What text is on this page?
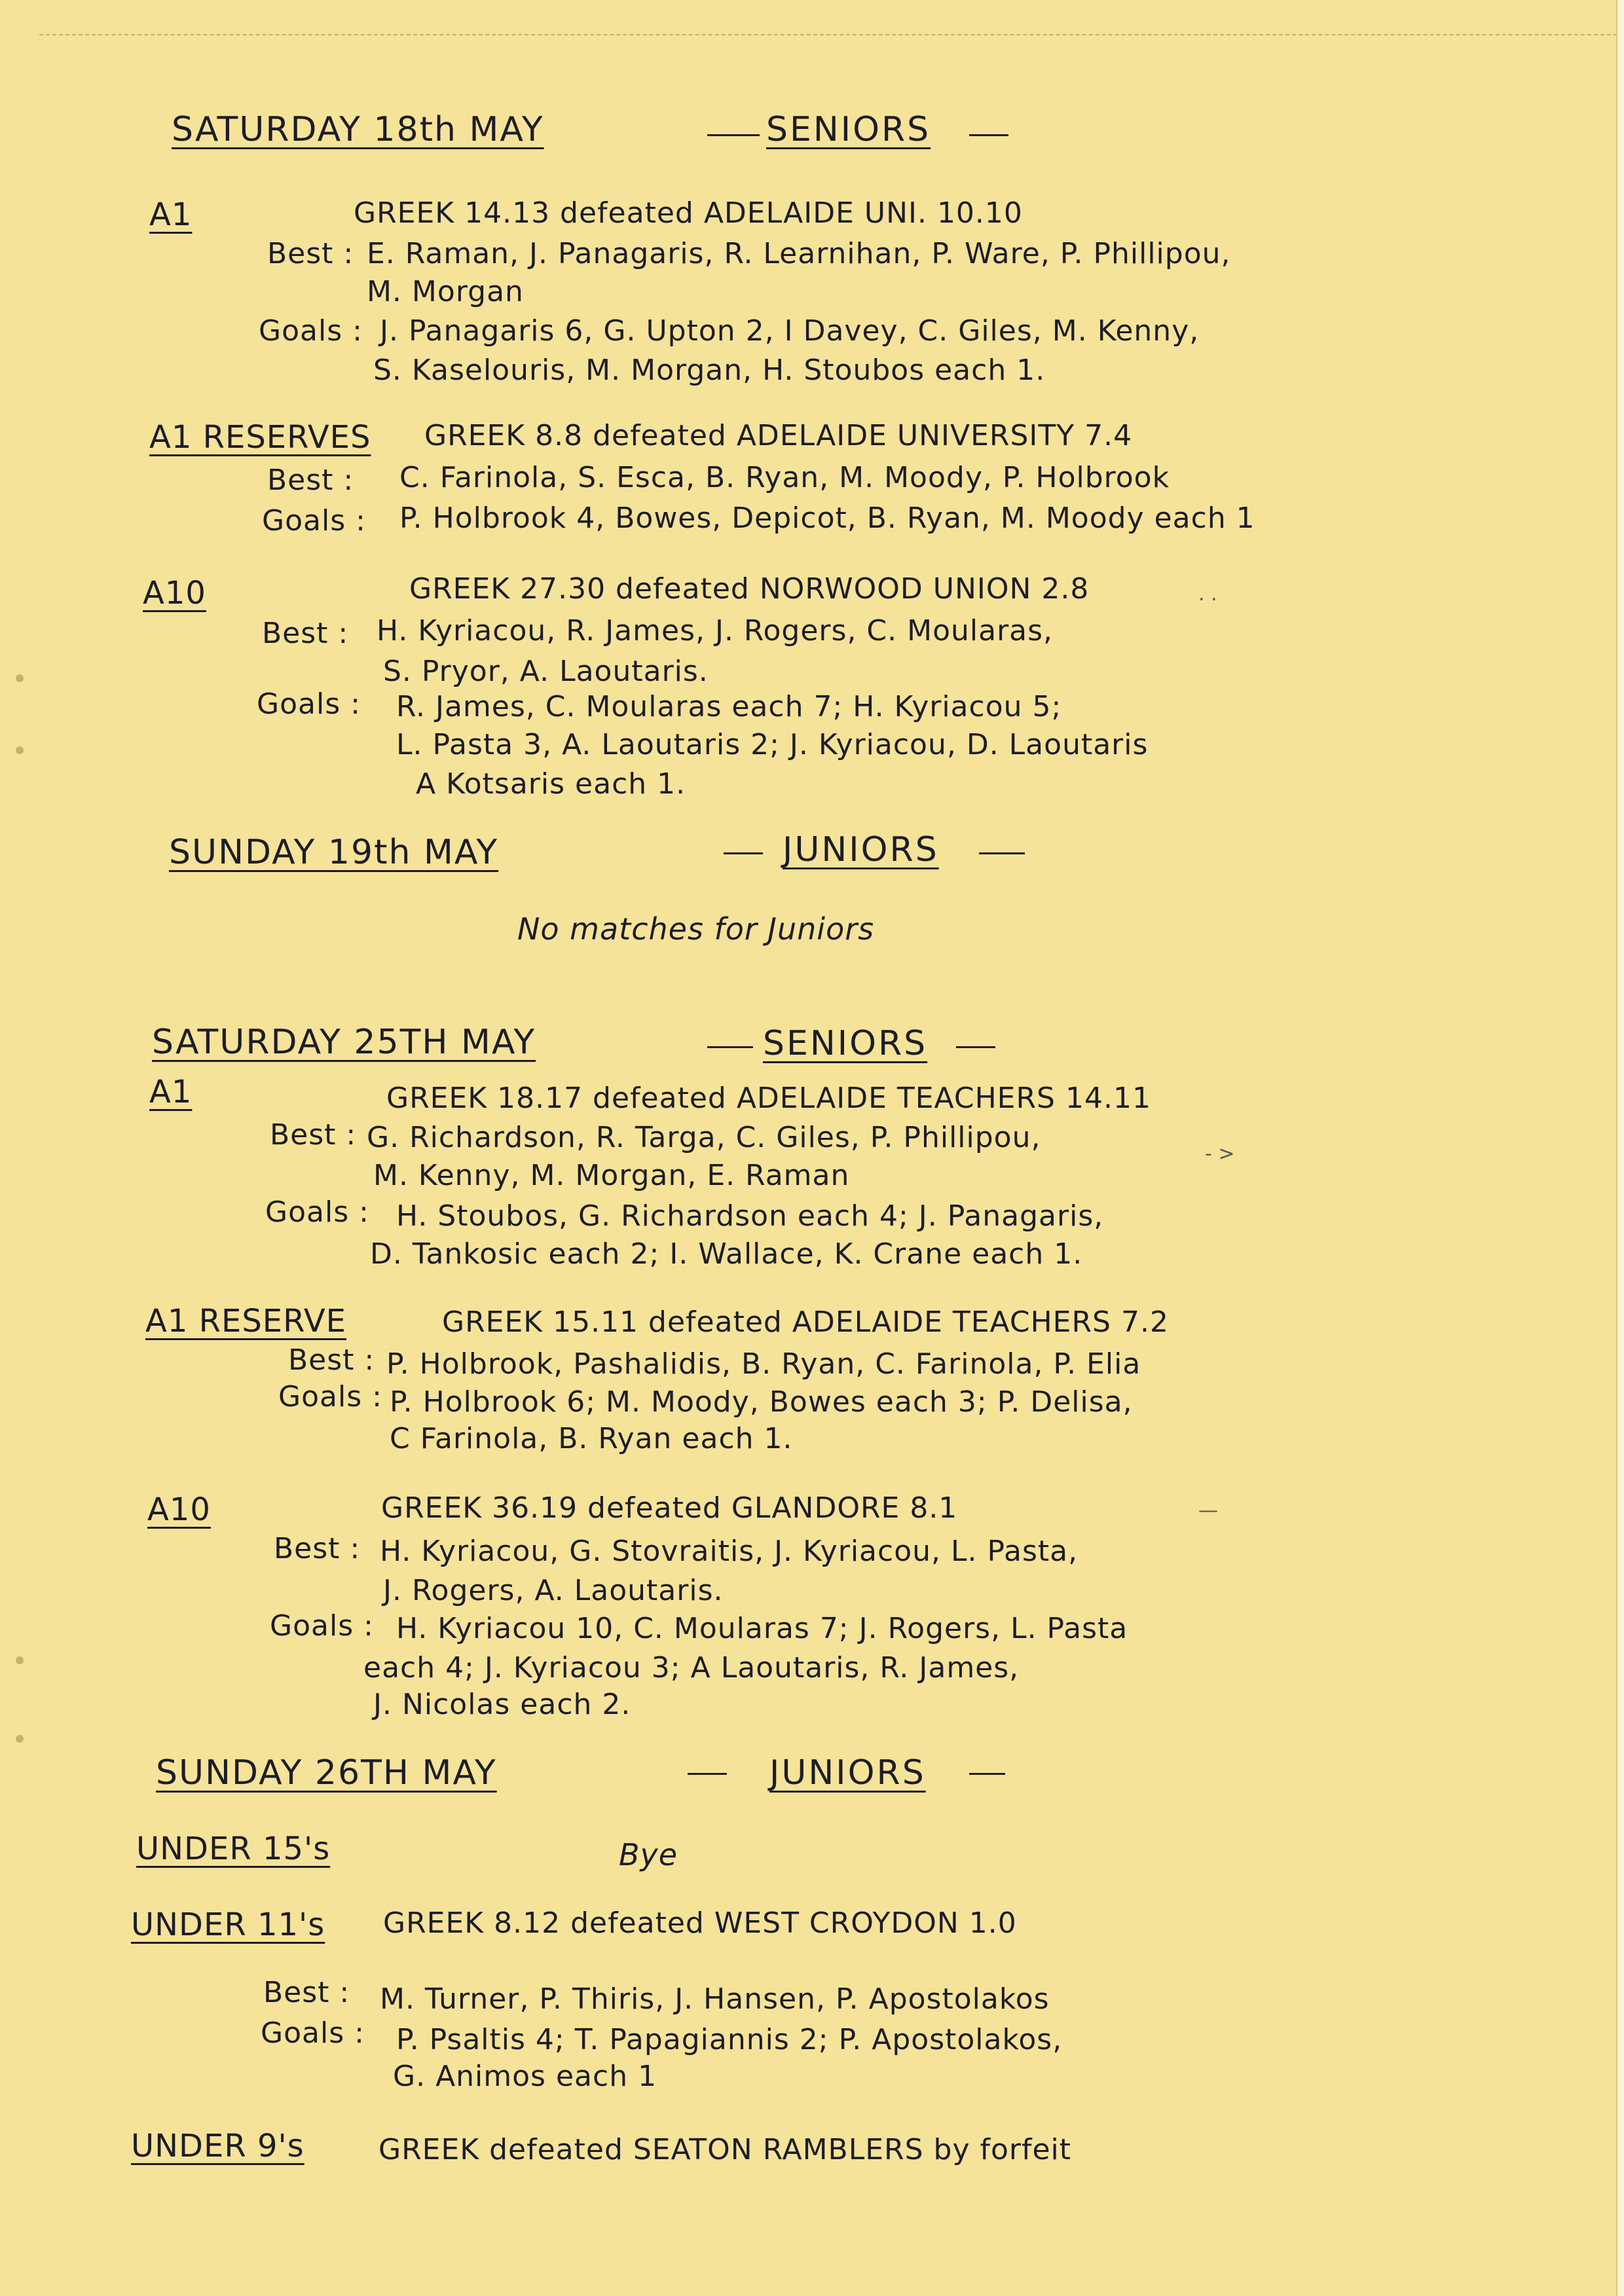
SATURDAY 18th MAY	SENIORS
A1	GREEK 14.13 defeated ADELAIDE UNI. 10.10
Best : E. Raman, J. Panagaris, R. Learnihan, P. Ware, P. Phillipou,
M. Morgan
Goals : J. Panagaris 6, G. Upton 2, I Davey, C. Giles, M. Kenny,
S. Kaselouris, M. Morgan, H. Stoubos each 1.
A1 RESERVES GREEK 8.8 defeated ADELAIDE UNIVERSITY 7.4
Best : C. Farinola, S. Esca, B. Ryan, M. Moody, P. Holbrook
Goals : P. Holbrook 4, Bowes, Depicot, B. Ryan, M. Moody each 1
A10	GREEK 27.30 defeated NORWOOD UNION 2.8	. .
Best : H. Kyriacou, R. James, J. Rogers, C. Moularas,
S. Pryor, A. Laoutaris.
Goals : R. James, C. Moularas each 7; H. Kyriacou 5;
L. Pasta 3, A. Laoutaris 2; J. Kyriacou, D. Laoutaris
A Kotsaris each 1.
SUNDAY 19th MAY	JUNIORS
No matches for Juniors
SATURDAY 25TH MAY	SENIORS
A1	GREEK 18.17 defeated ADELAIDE TEACHERS 14.11
Best : G. Richardson, R. Targa, C. Giles, P. Phillipou,
M. Kenny, M. Morgan, E. Raman
- >
Goals : H. Stoubos, G. Richardson each 4; J. Panagaris,
D. Tankosic each 2; I. Wallace, K. Crane each 1.
A1 RESERVE	GREEK 15.11 defeated ADELAIDE TEACHERS 7.2
Best : P. Holbrook, Pashalidis, B. Ryan, C. Farinola, P. Elia
Goals : P. Holbrook 6; M. Moody, Bowes each 3; P. Delisa,
C Farinola, B. Ryan each 1.
A10	GREEK 36.19 defeated GLANDORE 8.1	—
Best : H. Kyriacou, G. Stovraitis, J. Kyriacou, L. Pasta,
J. Rogers, A. Laoutaris.
Goals : H. Kyriacou 10, C. Moularas 7; J. Rogers, L. Pasta
each 4; J. Kyriacou 3; A Laoutaris, R. James,
J. Nicolas each 2.
SUNDAY 26TH MAY	JUNIORS
UNDER 15's	Bye
UNDER 11's GREEK 8.12 defeated WEST CROYDON 1.0
Best : M. Turner, P. Thiris, J. Hansen, P. Apostolakos
Goals : P. Psaltis 4; T. Papagiannis 2; P. Apostolakos,
G. Animos each 1
UNDER 9's	GREEK defeated SEATON RAMBLERS by forfeit
